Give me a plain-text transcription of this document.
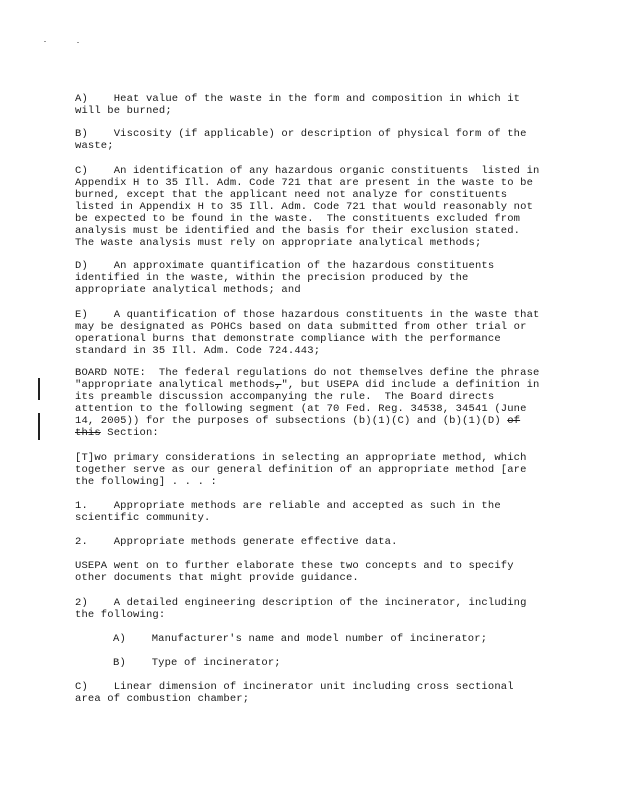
A)    Heat value of the waste in the form and composition in which it
will be burned;
B)    Viscosity (if applicable) or description of physical form of the
waste;
C)    An identification of any hazardous organic constituents  listed in
Appendix H to 35 Ill. Adm. Code 721 that are present in the waste to be
burned, except that the applicant need not analyze for constituents
listed in Appendix H to 35 Ill. Adm. Code 721 that would reasonably not
be expected to be found in the waste.  The constituents excluded from
analysis must be identified and the basis for their exclusion stated.
The waste analysis must rely on appropriate analytical methods;
D)    An approximate quantification of the hazardous constituents
identified in the waste, within the precision produced by the
appropriate analytical methods; and
E)    A quantification of those hazardous constituents in the waste that
may be designated as POHCs based on data submitted from other trial or
operational burns that demonstrate compliance with the performance
standard in 35 Ill. Adm. Code 724.443;
BOARD NOTE:  The federal regulations do not themselves define the phrase
"appropriate analytical methods,", but USEPA did include a definition in
its preamble discussion accompanying the rule.  The Board directs
attention to the following segment (at 70 Fed. Reg. 34538, 34541 (June
14, 2005)) for the purposes of subsections (b)(1)(C) and (b)(1)(D) of
this Section:
[T]wo primary considerations in selecting an appropriate method, which
together serve as our general definition of an appropriate method [are
the following] . . . :
1.    Appropriate methods are reliable and accepted as such in the
scientific community.
2.    Appropriate methods generate effective data.
USEPA went on to further elaborate these two concepts and to specify
other documents that might provide guidance.
2)    A detailed engineering description of the incinerator, including
the following:
A)    Manufacturer's name and model number of incinerator;
B)    Type of incinerator;
C)    Linear dimension of incinerator unit including cross sectional
area of combustion chamber;
